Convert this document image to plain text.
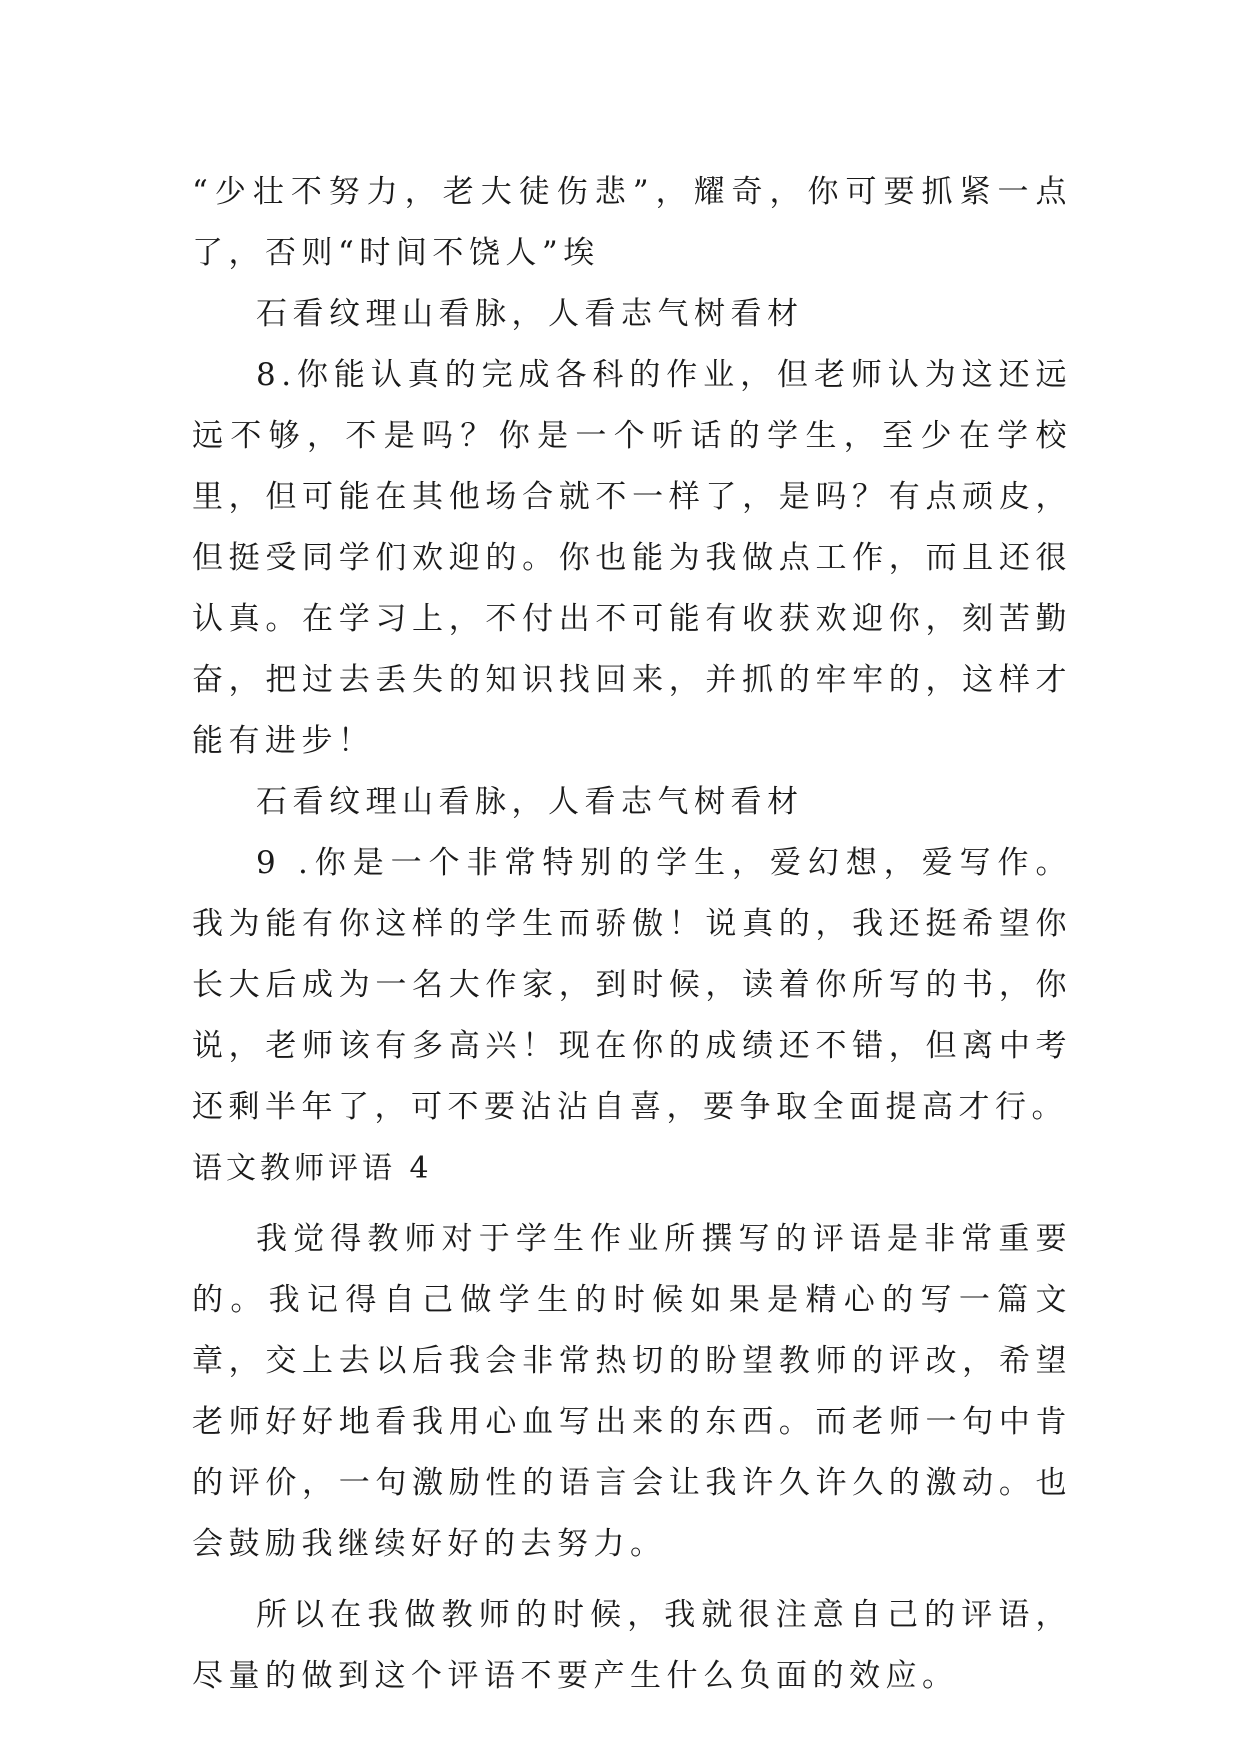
“少壮不努力，老大徒伤悲”，耀奇，你可要抓紧一点了，否则“时间不饶人”埃

石看纹理山看脉，人看志气树看材

8.你能认真的完成各科的作业，但老师认为这还远远不够，不是吗？你是一个听话的学生，至少在学校里，但可能在其他场合就不一样了，是吗？有点顽皮，但挺受同学们欢迎的。你也能为我做点工作，而且还很认真。在学习上，不付出不可能有收获欢迎你，刻苦勤奋，把过去丢失的知识找回来，并抓的牢牢的，这样才能有进步！

石看纹理山看脉，人看志气树看材

9 .你是一个非常特别的学生，爱幻想，爱写作。我为能有你这样的学生而骄傲！说真的，我还挺希望你长大后成为一名大作家，到时候，读着你所写的书，你说，老师该有多高兴！现在你的成绩还不错，但离中考还剩半年了，可不要沾沾自喜，要争取全面提高才行。

语文教师评语 4

我觉得教师对于学生作业所撰写的评语是非常重要的。我记得自己做学生的时候如果是精心的写一篇文章，交上去以后我会非常热切的盼望教师的评改，希望老师好好地看我用心血写出来的东西。而老师一句中肯的评价，一句激励性的语言会让我许久许久的激动。也会鼓励我继续好好的去努力。

所以在我做教师的时候，我就很注意自己的评语，尽量的做到这个评语不要产生什么负面的效应。
